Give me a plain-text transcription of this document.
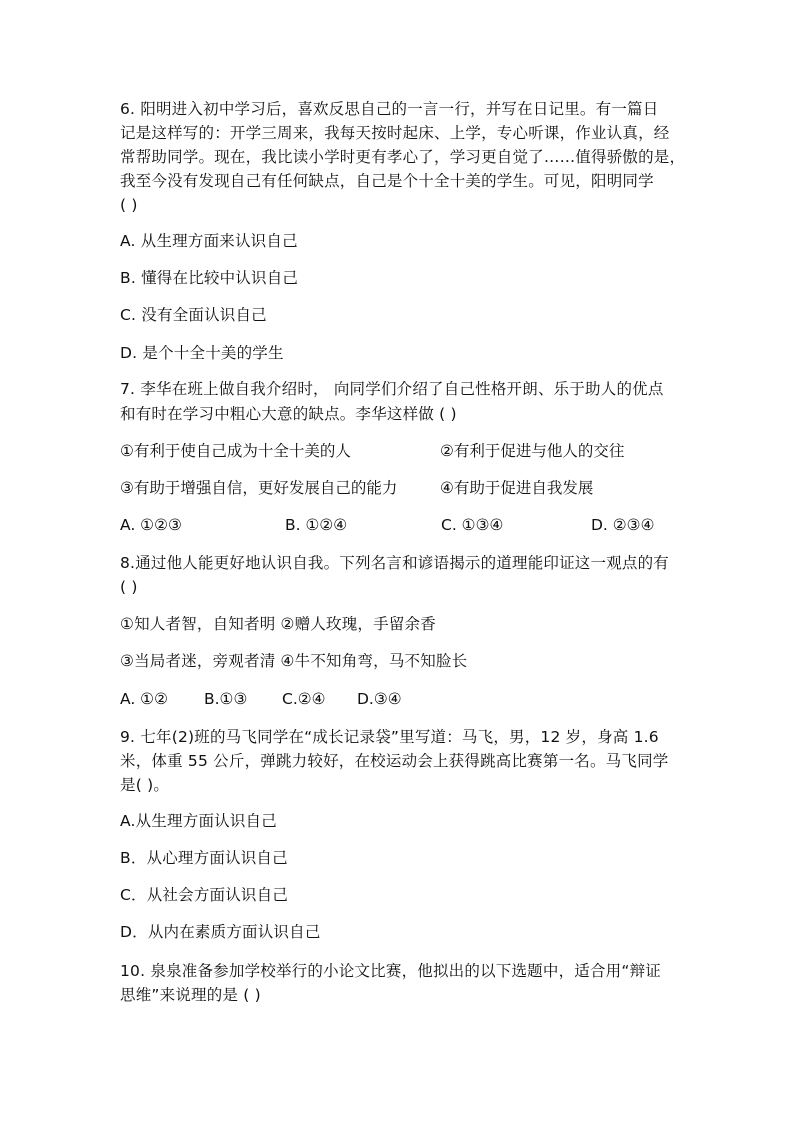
6. 阳明进入初中学习后，喜欢反思自己的一言一行，并写在日记里。有一篇日
记是这样写的：开学三周来，我每天按时起床、上学，专心听课，作业认真，经
常帮助同学。现在，我比读小学时更有孝心了，学习更自觉了……值得骄傲的是，
我至今没有发现自己有任何缺点，自己是个十全十美的学生。可见，阳明同学
( )
A. 从生理方面来认识自己
B. 懂得在比较中认识自己
C. 没有全面认识自己
D. 是个十全十美的学生
7. 李华在班上做自我介绍时， 向同学们介绍了自己性格开朗、乐于助人的优点
和有时在学习中粗心大意的缺点。李华这样做 ( )
①有利于使自己成为十全十美的人	②有利于促进与他人的交往
③有助于增强自信，更好发展自己的能力	④有助于促进自我发展
A. ①②③	B. ①②④	C. ①③④	D. ②③④
8.通过他人能更好地认识自我。下列名言和谚语揭示的道理能印证这一观点的有
( )
①知人者智，自知者明 ②赠人玫瑰，手留余香
③当局者迷，旁观者清 ④牛不知角弯，马不知脸长
A. ①② B.①③ C.②④ D.③④
9. 七年(2)班的马飞同学在“成长记录袋”里写道：马飞，男，12 岁，身高 1.6
米，体重 55 公斤，弹跳力较好，在校运动会上获得跳高比赛第一名。马飞同学
是( )。
A.从生理方面认识自己
B．从心理方面认识自己
C．从社会方面认识自己
D．从内在素质方面认识自己
10. 泉泉准备参加学校举行的小论文比赛，他拟出的以下选题中，适合用“辩证
思维”来说理的是 ( )
